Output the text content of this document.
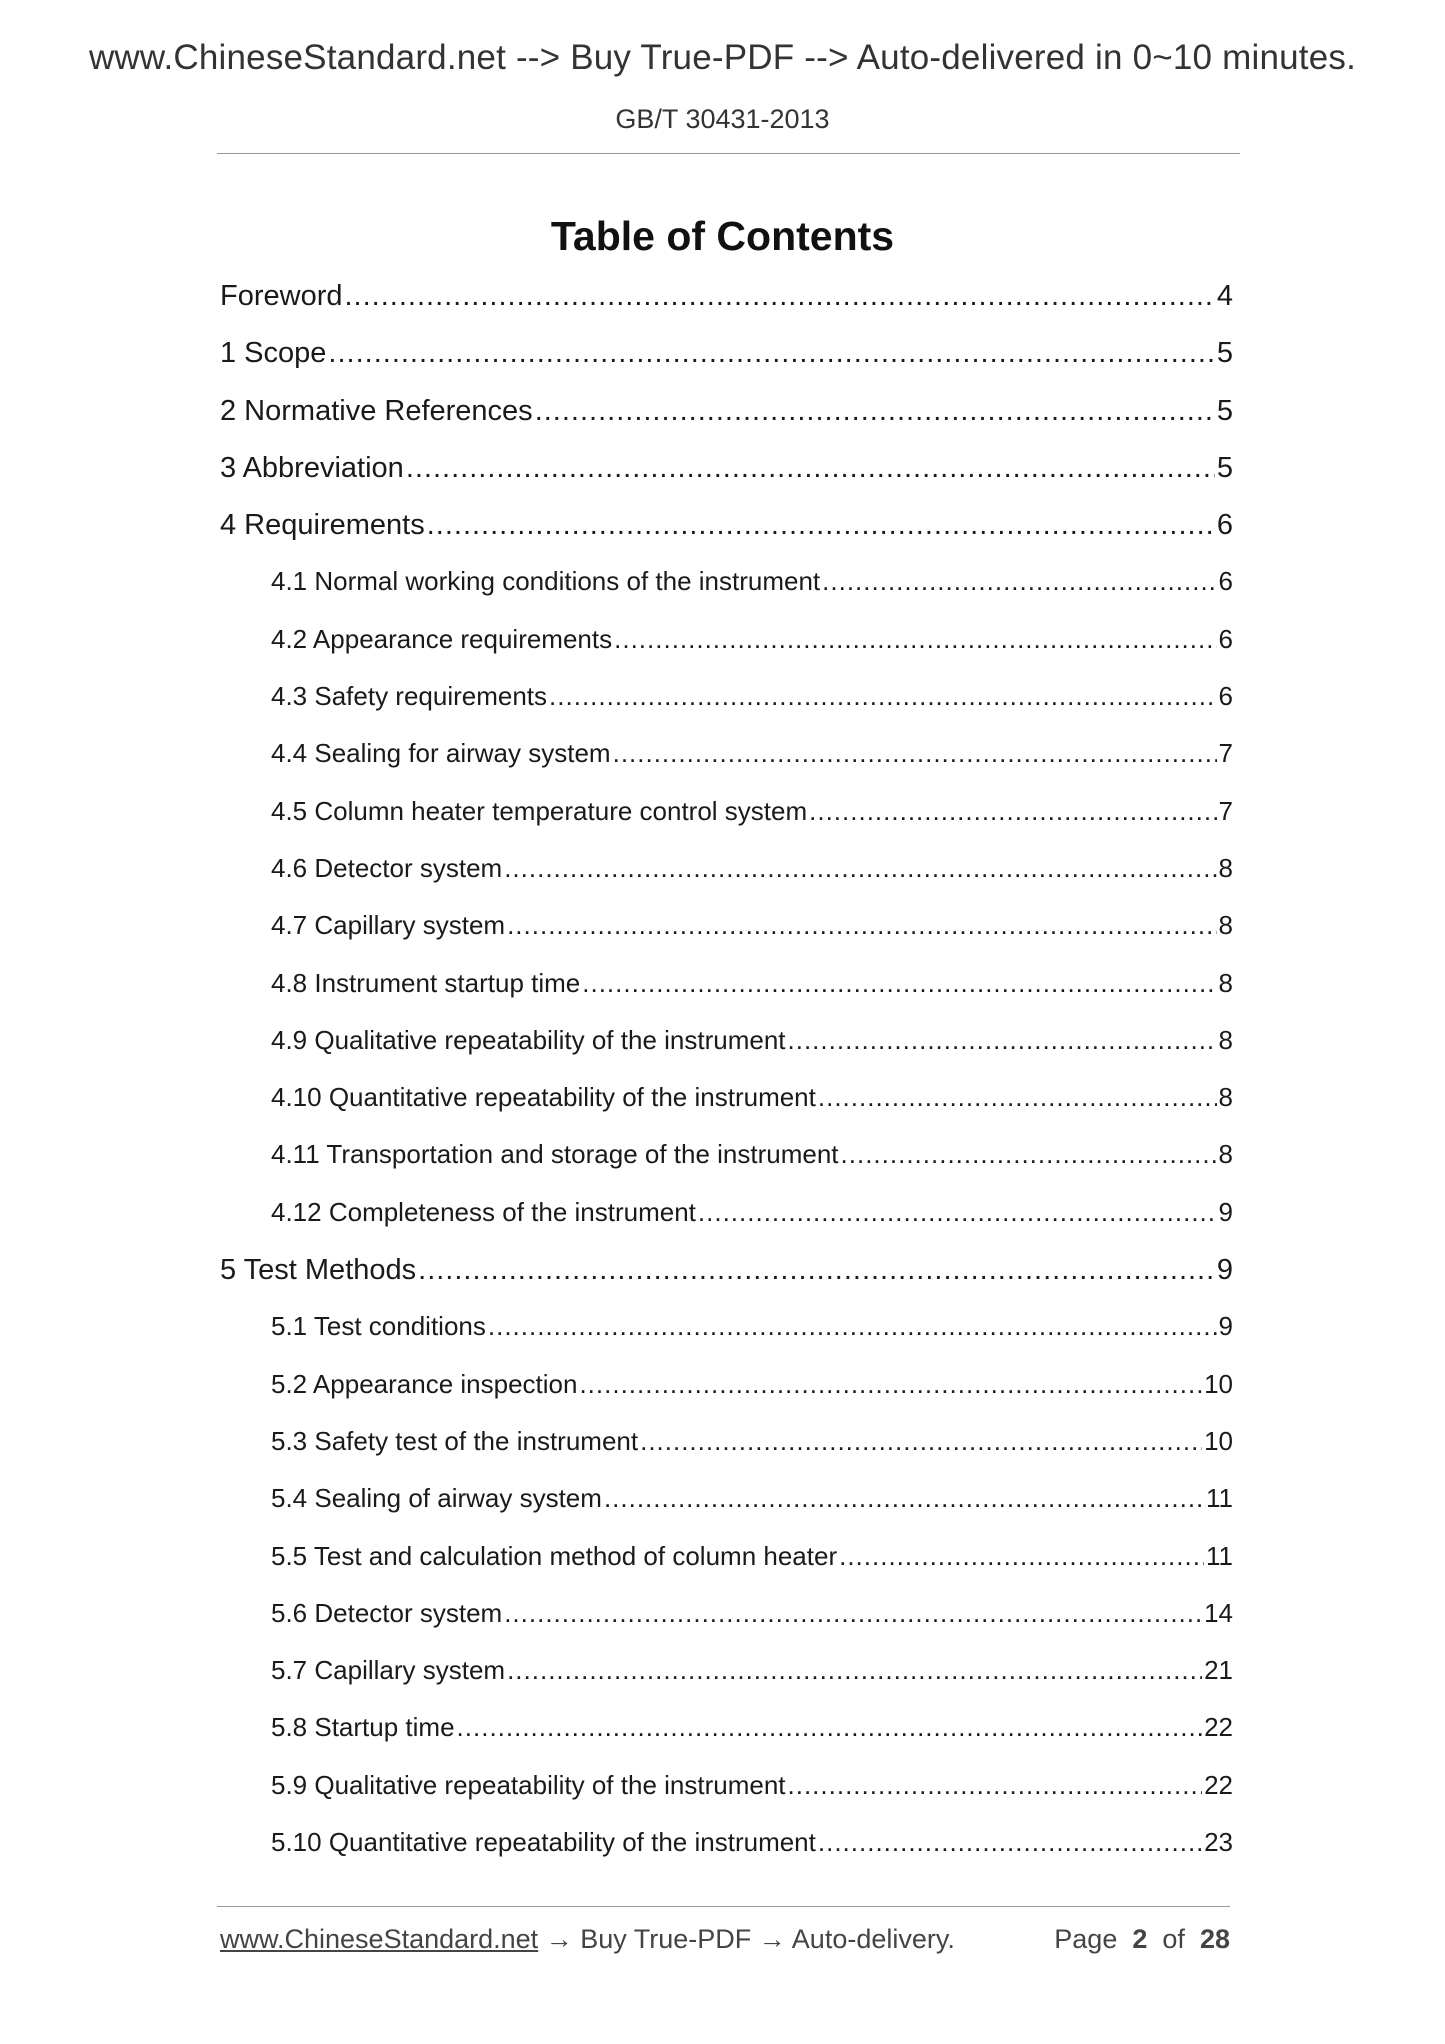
www.ChineseStandard.net --> Buy True-PDF --> Auto-delivered in 0~10 minutes.
GB/T 30431-2013
Table of Contents
Foreword .....	4
1 Scope .....	5
2 Normative References .....	5
3 Abbreviation .....	5
4 Requirements .....	6
4.1 Normal working conditions of the instrument .....	6
4.2 Appearance requirements .....	6
4.3 Safety requirements .....	6
4.4 Sealing for airway system .....	7
4.5 Column heater temperature control system .....	7
4.6 Detector system .....	8
4.7 Capillary system .....	8
4.8 Instrument startup time .....	8
4.9 Qualitative repeatability of the instrument .....	8
4.10 Quantitative repeatability of the instrument .....	8
4.11 Transportation and storage of the instrument .....	8
4.12 Completeness of the instrument .....	9
5 Test Methods .....	9
5.1 Test conditions .....	9
5.2 Appearance inspection .....	10
5.3 Safety test of the instrument .....	10
5.4 Sealing of airway system .....	11
5.5 Test and calculation method of column heater .....	11
5.6 Detector system .....	14
5.7 Capillary system .....	21
5.8 Startup time .....	22
5.9 Qualitative repeatability of the instrument .....	22
5.10 Quantitative repeatability of the instrument .....	23
www.ChineseStandard.net → Buy True-PDF → Auto-delivery.	Page 2 of 28
